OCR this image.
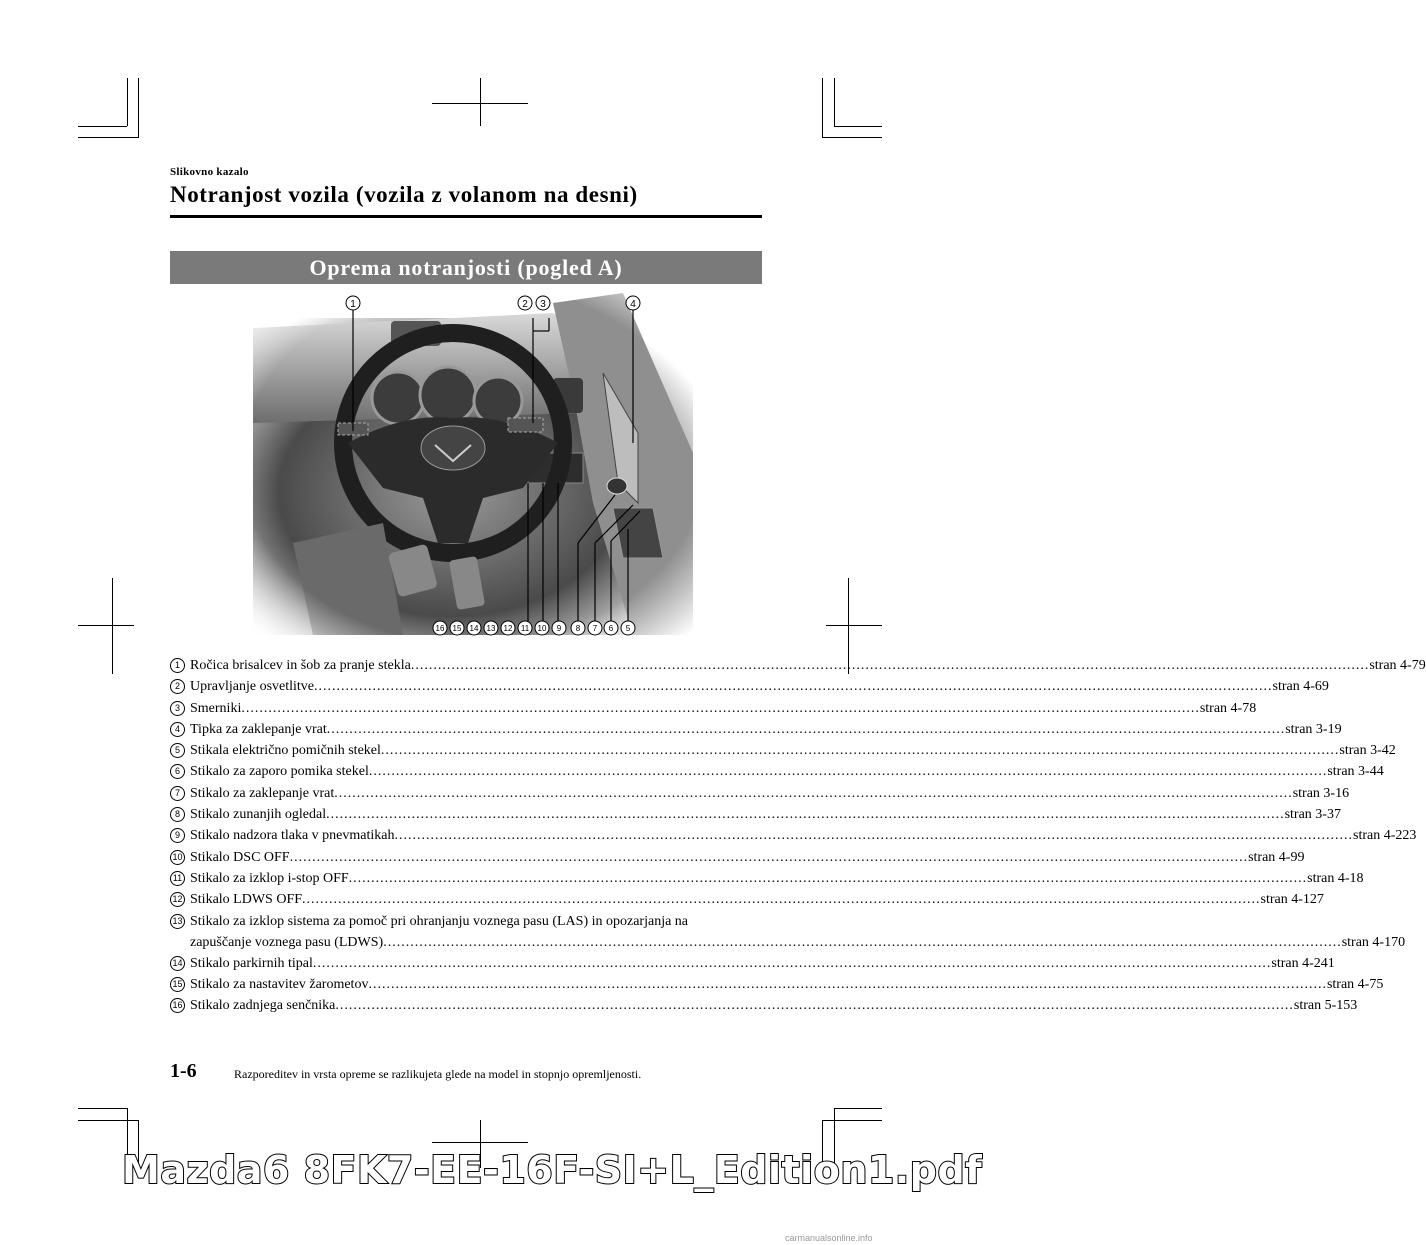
Slikovno kazalo
Notranjost vozila (vozila z volanom na desni)
Oprema notranjosti (pogled A)
1	2 3	4
16 15 14 13 12 11 10 9 8 7 6 5
1 Ročica brisalcev in šob za pranje stekla .....	stran 4-79
2 Upravljanje osvetlitve .....	stran 4-69
3 Smerniki .....	stran 4-78
4 Tipka za zaklepanje vrat .....	stran 3-19
5 Stikala električno pomičnih stekel .....	stran 3-42
6 Stikalo za zaporo pomika stekel .....	stran 3-44
7 Stikalo za zaklepanje vrat .....	stran 3-16
8 Stikalo zunanjih ogledal .....	stran 3-37
9 Stikalo nadzora tlaka v pnevmatikah .....	stran 4-223
10 Stikalo DSC OFF .....	stran 4-99
11 Stikalo za izklop i-stop OFF .....	stran 4-18
12 Stikalo LDWS OFF .....	stran 4-127
13 Stikalo za izklop sistema za pomoč pri ohranjanju voznega pasu (LAS) in opozarjanja na
zapuščanje voznega pasu (LDWS) .....	stran 4-170
14 Stikalo parkirnih tipal .....	stran 4-241
15 Stikalo za nastavitev žarometov .....	stran 4-75
16 Stikalo zadnjega senčnika .....	stran 5-153
1-6	Razporeditev in vrsta opreme se razlikujeta glede na model in stopnjo opremljenosti.
Mazda6 8FK7-EE-16F-SI+L_Edition1.pdf
carmanualsonline.info
